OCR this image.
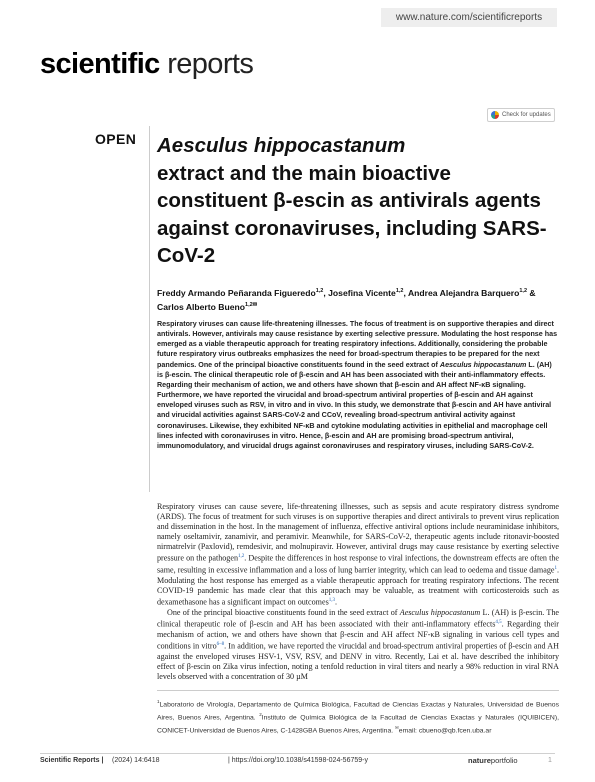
www.nature.com/scientificreports
scientific reports
Check for updates
OPEN Aesculus hippocastanum
extract and the main bioactive constituent β-escin as antivirals agents against coronaviruses, including SARS-CoV-2

Freddy Armando Peñaranda Figueredo$^{1,2}$, Josefina Vicente$^{1,2}$, Andrea Alejandra Barquero$^{1,2}$ & Carlos Alberto Bueno$^{1,2✉}$

Respiratory viruses can cause life-threatening illnesses. The focus of treatment is on supportive therapies and direct antivirals. However, antivirals may cause resistance by exerting selective pressure. Modulating the host response has emerged as a viable therapeutic approach for treating respiratory infections. Additionally, considering the probable future respiratory virus outbreaks emphasizes the need for broad-spectrum therapies to be prepared for the next pandemics. One of the principal bioactive constituents found in the seed extract of Aesculus hippocastanum L. (AH) is β-escin. The clinical therapeutic role of β-escin and AH has been associated with their anti-inflammatory effects. Regarding their mechanism of action, we and others have shown that β-escin and AH affect NF-κB signaling. Furthermore, we have reported the virucidal and broad-spectrum antiviral properties of β-escin and AH against enveloped viruses such as RSV, in vitro and in vivo. In this study, we demonstrate that β-escin and AH have antiviral and virucidal activities against SARS-CoV-2 and CCoV, revealing broad-spectrum antiviral activity against coronaviruses. Likewise, they exhibited NF-κB and cytokine modulating activities in epithelial and macrophage cell lines infected with coronaviruses in vitro. Hence, β-escin and AH are promising broad-spectrum antiviral, immunomodulatory, and virucidal drugs against coronaviruses and respiratory viruses, including SARS-CoV-2.

Respiratory viruses can cause severe, life-threatening illnesses, such as sepsis and acute respiratory distress syndrome (ARDS). The focus of treatment for such viruses is on supportive therapies and direct antivirals to prevent virus replication and dissemination in the host. In the management of influenza, effective antiviral options include neuraminidase inhibitors, namely oseltamivir, zanamivir, and peramivir. Meanwhile, for SARS-CoV-2, therapeutic agents include ritonavir-boosted nirmatrelvir (Paxlovid), remdesivir, and molnupiravir. However, antiviral drugs may cause resistance by exerting selective pressure on the pathogen$^{1,2}$. Despite the differences in host response to viral infections, the downstream effects are often the same, resulting in excessive inflammation and a loss of lung barrier integrity, which can lead to oedema and tissue damage$^1$. Modulating the host response has emerged as a viable therapeutic approach for treating respiratory infections. The recent COVID-19 pandemic has made clear that this approach may be valuable, as treatment with corticosteroids such as dexamethasone has a significant impact on outcomes$^{1,3}$.

One of the principal bioactive constituents found in the seed extract of Aesculus hippocastanum L. (AH) is β-escin. The clinical therapeutic role of β-escin and AH has been associated with their anti-inflammatory effects$^{4,5}$. Regarding their mechanism of action, we and others have shown that β-escin and AH affect NF-κB signaling in various cell types and conditions in vitro$^{6-8}$. In addition, we have reported the virucidal and broad-spectrum antiviral properties of β-escin and AH against the enveloped viruses HSV-1, VSV, RSV, and DENV in vitro. Recently, Lai et al. have described the inhibitory effect of β-escin on Zika virus infection, noting a tenfold reduction in viral titers and nearly a 98% reduction in viral RNA levels observed with a concentration of 30 µM

$^1$Laboratorio de Virología, Departamento de Química Biológica, Facultad de Ciencias Exactas y Naturales, Universidad de Buenos Aires, Buenos Aires, Argentina. $^2$Instituto de Química Biológica de la Facultad de Ciencias Exactas y Naturales (IQUIBICEN), CONICET-Universidad de Buenos Aires, C-1428GBA Buenos Aires, Argentina. ✉email: cbueno@qb.fcen.uba.ar

Scientific Reports | (2024) 14:6418	| https://doi.org/10.1038/s41598-024-56759-y	natureportfolio	1
